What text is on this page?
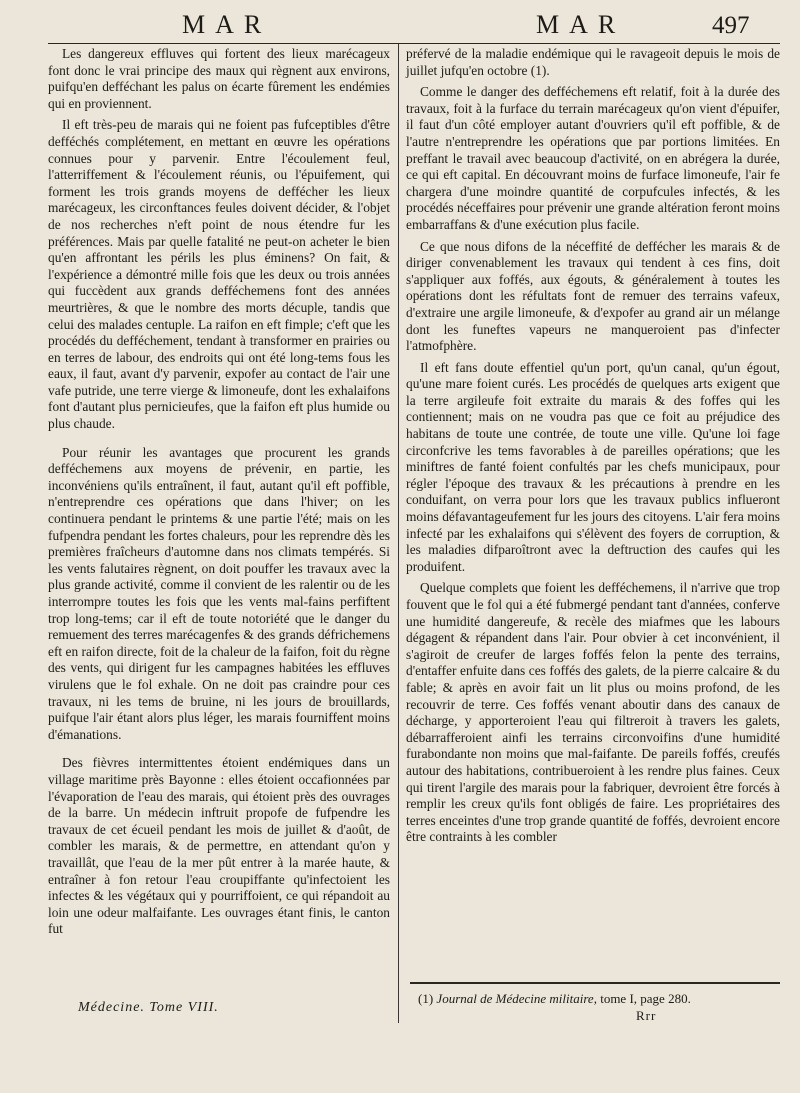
MAR	MAR	497

Les dangereux effluves qui fortent des lieux marécageux font donc le vrai principe des maux qui règnent aux environs, puifqu'en defféchant les palus on écarte fûrement les endémies qui en proviennent.

Il eft très-peu de marais qui ne foient pas fufceptibles d'être defféchés complétement, en mettant en œuvre les opérations connues pour y parvenir. Entre l'écoulement feul, l'atterriffement & l'écoulement réunis, ou l'épuifement, qui forment les trois grands moyens de deffécher les lieux marécageux, les circonftances feules doivent décider, & l'objet de nos recherches n'eft point de nous étendre fur les préférences. Mais par quelle fatalité ne peut-on acheter le bien qu'en affrontant les périls les plus éminens? On fait, & l'expérience a démontré mille fois que les deux ou trois années qui fuccèdent aux grands defféchemens font des années meurtrières, & que le nombre des morts décuple, tandis que celui des malades centuple. La raifon en eft fimple; c'eft que les procédés du defféchement, tendant à transformer en prairies ou en terres de labour, des endroits qui ont été long-tems fous les eaux, il faut, avant d'y parvenir, expofer au contact de l'air une vafe putride, une terre vierge & limoneufe, dont les exhalaifons font d'autant plus pernicieufes, que la faifon eft plus humide ou plus chaude.

Pour réunir les avantages que procurent les grands defféchemens aux moyens de prévenir, en partie, les inconvéniens qu'ils entraînent, il faut, autant qu'il eft poffible, n'entreprendre ces opérations que dans l'hiver; on les continuera pendant le printems & une partie l'été; mais on les fufpendra pendant les fortes chaleurs, pour les reprendre dès les premières fraîcheurs d'automne dans nos climats tempérés. Si les vents falutaires règnent, on doit pouffer les travaux avec la plus grande activité, comme il convient de les ralentir ou de les interrompre toutes les fois que les vents mal-fains perfiftent trop long-tems; car il eft de toute notoriété que le danger du remuement des terres marécagenfes & des grands défrichemens eft en raifon directe, foit de la chaleur de la faifon, foit du règne des vents, qui dirigent fur les campagnes habitées les effluves virulens que le fol exhale. On ne doit pas craindre pour ces travaux, ni les tems de bruine, ni les jours de brouillards, puifque l'air étant alors plus léger, les marais fourniffent moins d'émanations.

Des fièvres intermittentes étoient endémiques dans un village maritime près Bayonne : elles étoient occafionnées par l'évaporation de l'eau des marais, qui étoient près des ouvrages de la barre. Un médecin inftruit propofe de fufpendre les travaux de cet écueil pendant les mois de juillet & d'août, de combler les marais, & de permettre, en attendant qu'on y travaillât, que l'eau de la mer pût entrer à la marée haute, & entraîner à fon retour l'eau croupiffante qu'infectoient les infectes & les végétaux qui y pourriffoient, ce qui répandoit au loin une odeur malfaifante. Les ouvrages étant finis, le canton fut

préfervé de la maladie endémique qui le ravageoit depuis le mois de juillet jufqu'en octobre (1).

Comme le danger des defféchemens eft relatif, foit à la durée des travaux, foit à la furface du terrain marécageux qu'on vient d'épuifer, il faut d'un côté employer autant d'ouvriers qu'il eft poffible, & de l'autre n'entreprendre les opérations que par portions limitées. En preffant le travail avec beaucoup d'activité, on en abrégera la durée, ce qui eft capital. En découvrant moins de furface limoneufe, l'air fe chargera d'une moindre quantité de corpufcules infectés, & les procédés néceffaires pour prévenir une grande altération feront moins embarraffans & d'une exécution plus facile.

Ce que nous difons de la néceffité de deffécher les marais & de diriger convenablement les travaux qui tendent à ces fins, doit s'appliquer aux foffés, aux égouts, & généralement à toutes les opérations dont les réfultats font de remuer des terrains vafeux, d'extraire une argile limoneufe, & d'expofer au grand air un mélange dont les funeftes vapeurs ne manqueroient pas d'infecter l'atmofphère.

Il eft fans doute effentiel qu'un port, qu'un canal, qu'un égout, qu'une mare foient curés. Les procédés de quelques arts exigent que la terre argileufe foit extraite du marais & des foffes qui les contiennent; mais on ne voudra pas que ce foit au préjudice des habitans de toute une contrée, de toute une ville. Qu'une loi fage circonfcrive les tems favorables à de pareilles opérations; que les miniftres de fanté foient confultés par les chefs municipaux, pour régler l'époque des travaux & les précautions à prendre en les conduifant, on verra pour lors que les travaux publics influeront moins défavantageufement fur les jours des citoyens. L'air fera moins infecté par les exhalaifons qui s'élèvent des foyers de corruption, & les maladies difparoîtront avec la deftruction des caufes qui les produifent.

Quelque complets que foient les defféchemens, il n'arrive que trop fouvent que le fol qui a été fubmergé pendant tant d'années, conferve une humidité dangereufe, & recèle des miafmes que les labours dégagent & répandent dans l'air. Pour obvier à cet inconvénient, il s'agiroit de creufer de larges foffés felon la pente des terrains, d'entaffer enfuite dans ces foffés des galets, de la pierre calcaire & du fable; & après en avoir fait un lit plus ou moins profond, de les recouvrir de terre. Ces foffés venant aboutir dans des canaux de décharge, y apporteroient l'eau qui filtreroit à travers les galets, débarrafferoient ainfi les terrains circonvoifins d'une humidité furabondante non moins que mal-faifante. De pareils foffés, creufés autour des habitations, contribueroient à les rendre plus faines. Ceux qui tirent l'argile des marais pour la fabriquer, devroient être forcés à remplir les creux qu'ils font obligés de faire. Les propriétaires des terres enceintes d'une trop grande quantité de foffés, devroient encore être contraints à les combler

(1) Journal de Médecine militaire, tome I, page 280.
Médecine. Tome VIII.
Rrr
